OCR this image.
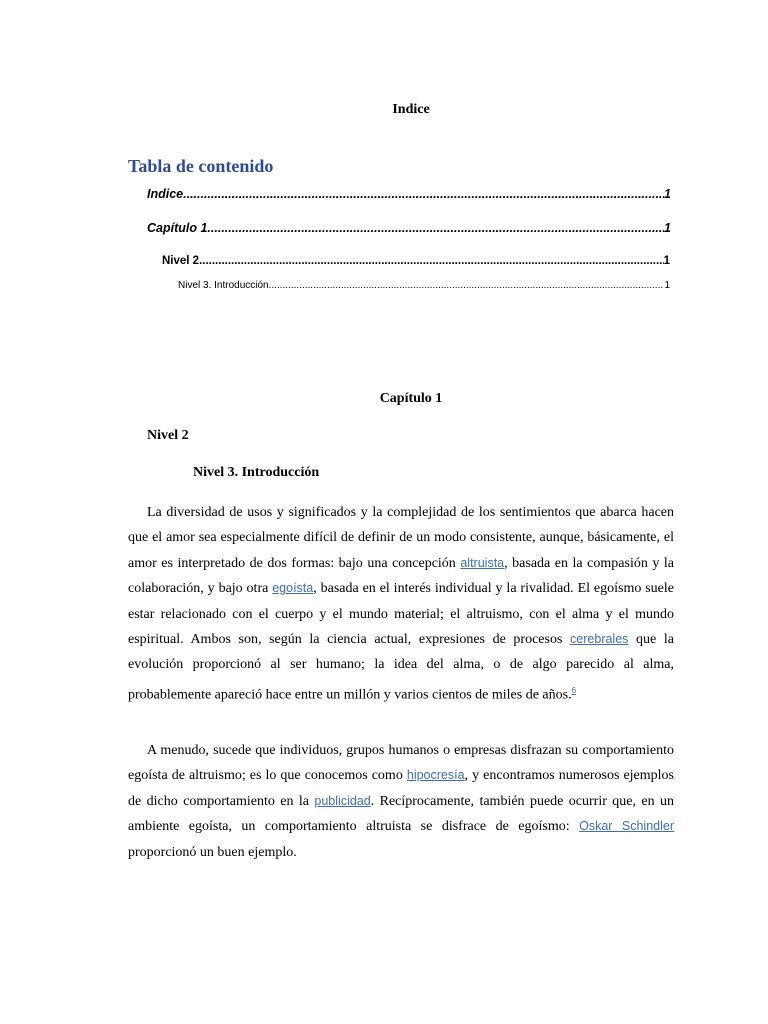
Indice
Tabla de contenido
Indice .....	1
Capítulo 1 .....	1
Nivel 2 .....	1
Nivel 3. Introducción .....	1
Capítulo 1
Nivel 2
Nivel 3. Introducción

La diversidad de usos y significados y la complejidad de los sentimientos que abarca hacen que el amor sea especialmente difícil de definir de un modo consistente, aunque, básicamente, el amor es interpretado de dos formas: bajo una concepción altruista, basada en la compasión y la colaboración, y bajo otra egoísta, basada en el interés individual y la rivalidad. El egoísmo suele estar relacionado con el cuerpo y el mundo material; el altruismo, con el alma y el mundo espiritual. Ambos son, según la ciencia actual, expresiones de procesos cerebrales que la evolución proporcionó al ser humano; la idea del alma, o de algo parecido al alma, probablemente apareció hace entre un millón y varios cientos de miles de años.$^6$

A menudo, sucede que individuos, grupos humanos o empresas disfrazan su comportamiento egoísta de altruismo; es lo que conocemos como hipocresía, y encontramos numerosos ejemplos de dicho comportamiento en la publicidad. Recíprocamente, también puede ocurrir que, en un ambiente egoísta, un comportamiento altruista se disfrace de egoísmo: Oskar Schindler proporcionó un buen ejemplo.
